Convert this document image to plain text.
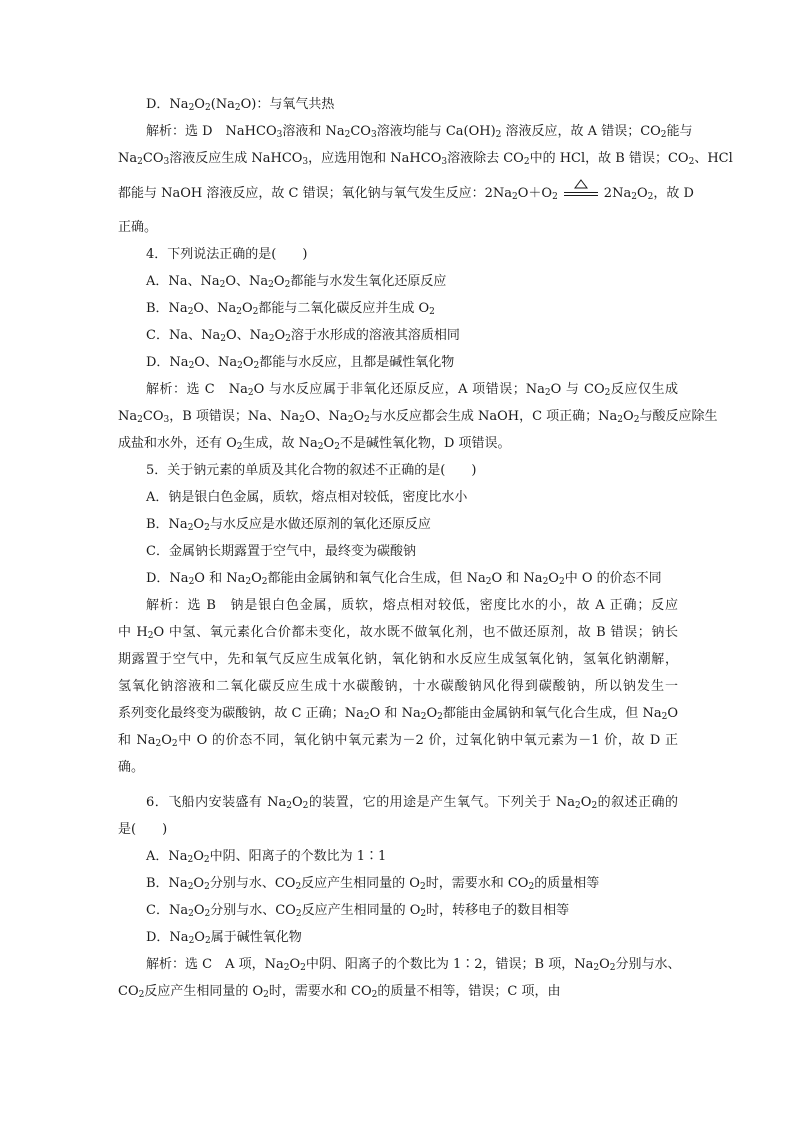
D．$Na_2O_2(Na_2O)$：与氧气共热
解析：选 D　NaHCO$_3$溶液和 $Na_2CO_3$溶液均能与 $Ca(OH)_2$ 溶液反应，故 A 错误；$CO_2$能与
$Na_2CO_3$溶液反应生成 NaHCO$_3$，应选用饱和 NaHCO$_3$溶液除去 $CO_2$中的 HCl，故 B 错误；$CO_2$、HCl
都能与 NaOH 溶液反应，故 C 错误；氧化钠与氧气发生反应：$2Na_2O+O_2$	$2Na_2O_2$，故 D
正确。
4．下列说法正确的是(　　)
A．Na、$Na_2O$、$Na_2O_2$都能与水发生氧化还原反应
B．$Na_2O$、$Na_2O_2$都能与二氧化碳反应并生成 $O_2$
C．Na、$Na_2O$、$Na_2O_2$溶于水形成的溶液其溶质相同
D．$Na_2O$、$Na_2O_2$都能与水反应，且都是碱性氧化物
解析：选 C　$Na_2O$ 与水反应属于非氧化还原反应，A 项错误；$Na_2O$ 与 $CO_2$反应仅生成
$Na_2CO_3$，B 项错误；Na、$Na_2O$、$Na_2O_2$与水反应都会生成 NaOH，C 项正确；$Na_2O_2$与酸反应除生
成盐和水外，还有 $O_2$生成，故 $Na_2O_2$不是碱性氧化物，D 项错误。
5．关于钠元素的单质及其化合物的叙述不正确的是(　　)
A．钠是银白色金属，质软，熔点相对较低，密度比水小
B．$Na_2O_2$与水反应是水做还原剂的氧化还原反应
C．金属钠长期露置于空气中，最终变为碳酸钠
D．$Na_2O$ 和 $Na_2O_2$都能由金属钠和氧气化合生成，但 $Na_2O$ 和 $Na_2O_2$中 O 的价态不同
解析：选 B　钠是银白色金属，质软，熔点相对较低，密度比水的小，故 A 正确；反应
中 $H_2O$ 中氢、氧元素化合价都未变化，故水既不做氧化剂，也不做还原剂，故 B 错误；钠长
期露置于空气中，先和氧气反应生成氧化钠，氧化钠和水反应生成氢氧化钠，氢氧化钠潮解，
氢氧化钠溶液和二氧化碳反应生成十水碳酸钠，十水碳酸钠风化得到碳酸钠，所以钠发生一
系列变化最终变为碳酸钠，故 C 正确；$Na_2O$ 和 $Na_2O_2$都能由金属钠和氧气化合生成，但 $Na_2O$
和 $Na_2O_2$中 O 的价态不同，氧化钠中氧元素为－2 价，过氧化钠中氧元素为－1 价，故 D 正
确。
6．飞船内安装盛有 $Na_2O_2$的装置，它的用途是产生氧气。下列关于 $Na_2O_2$的叙述正确的
是(　　)
A．$Na_2O_2$中阴、阳离子的个数比为 1∶1
B．$Na_2O_2$分别与水、$CO_2$反应产生相同量的 $O_2$时，需要水和 $CO_2$的质量相等
C．$Na_2O_2$分别与水、$CO_2$反应产生相同量的 $O_2$时，转移电子的数目相等
D．$Na_2O_2$属于碱性氧化物
解析：选 C　A 项，$Na_2O_2$中阴、阳离子的个数比为 1∶2，错误；B 项，$Na_2O_2$分别与水、
$CO_2$反应产生相同量的 $O_2$时，需要水和 $CO_2$的质量不相等，错误；C 项，由
